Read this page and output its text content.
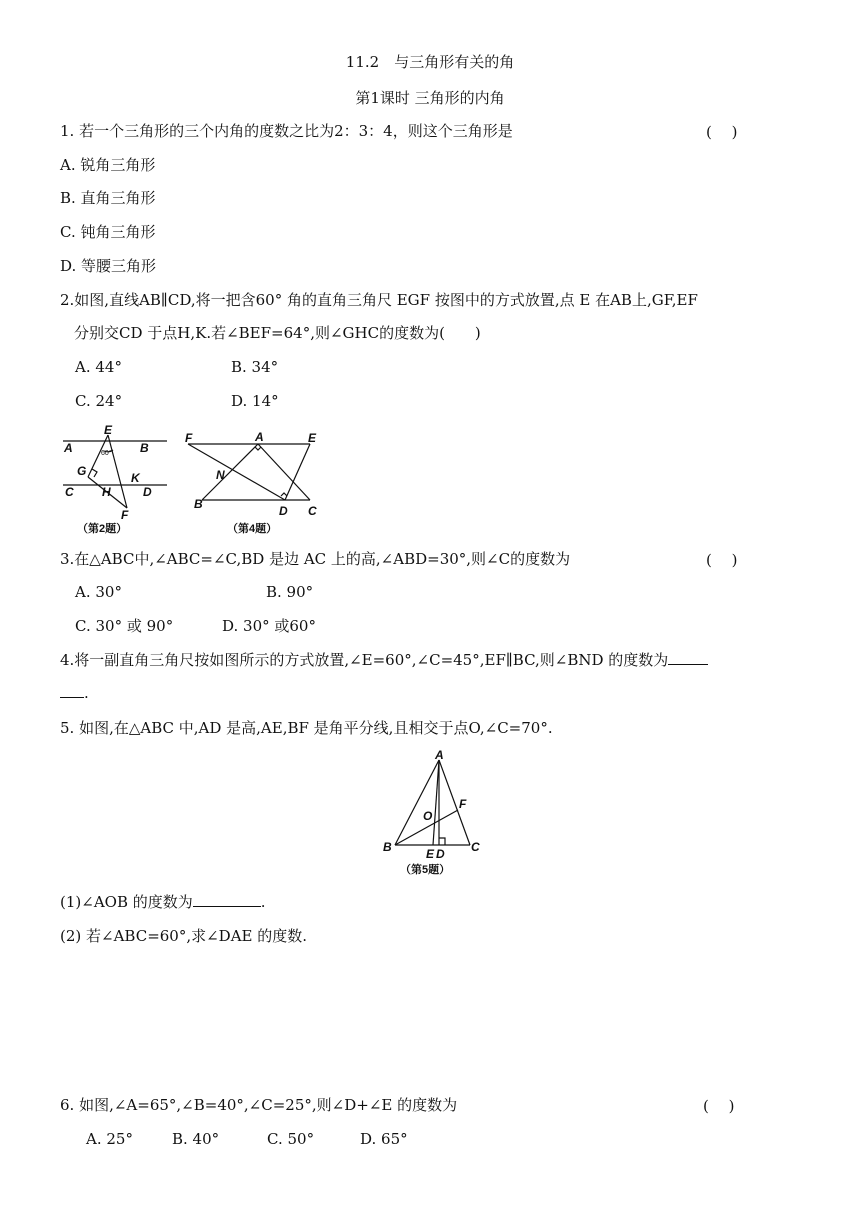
11.2　与三角形有关的角
第1课时 三角形的内角
1. 若一个三角形的三个内角的度数之比为2：3：4，则这个三角形是	(　 )
A. 锐角三角形
B. 直角三角形
C. 钝角三角形
D. 等腰三角形
2.如图,直线AB∥CD,将一把含60° 角的直角三角尺 EGF 按图中的方式放置,点 E 在AB上,GF,EF
分别交CD 于点H,K.若∠BEF=64°,则∠GHC的度数为(　　)
A. 44°	B. 34°
C. 24°	D. 14°
A
E
B
60°
G	K
C H	D
F
（第2题）
F	A	E
N
B	D C
（第4题）
3.在△ABC中,∠ABC=∠C,BD 是边 AC 上的高,∠ABD=30°,则∠C的度数为	(　 )
A. 30°	B. 90°
C. 30° 或 90°	D. 30° 或60°
4.将一副直角三角尺按如图所示的方式放置,∠E=60°,∠C=45°,EF∥BC,则∠BND 的度数为
.
5. 如图,在△ABC 中,AD 是高,AE,BF 是角平分线,且相交于点O,∠C=70°.
A
F
O
B	E D C
（第5题）
(1)∠AOB 的度数为	.
(2) 若∠ABC=60°,求∠DAE 的度数.
6. 如图,∠A=65°,∠B=40°,∠C=25°,则∠D+∠E 的度数为	(　 )
A. 25°	B. 40°	C. 50°	D. 65°
